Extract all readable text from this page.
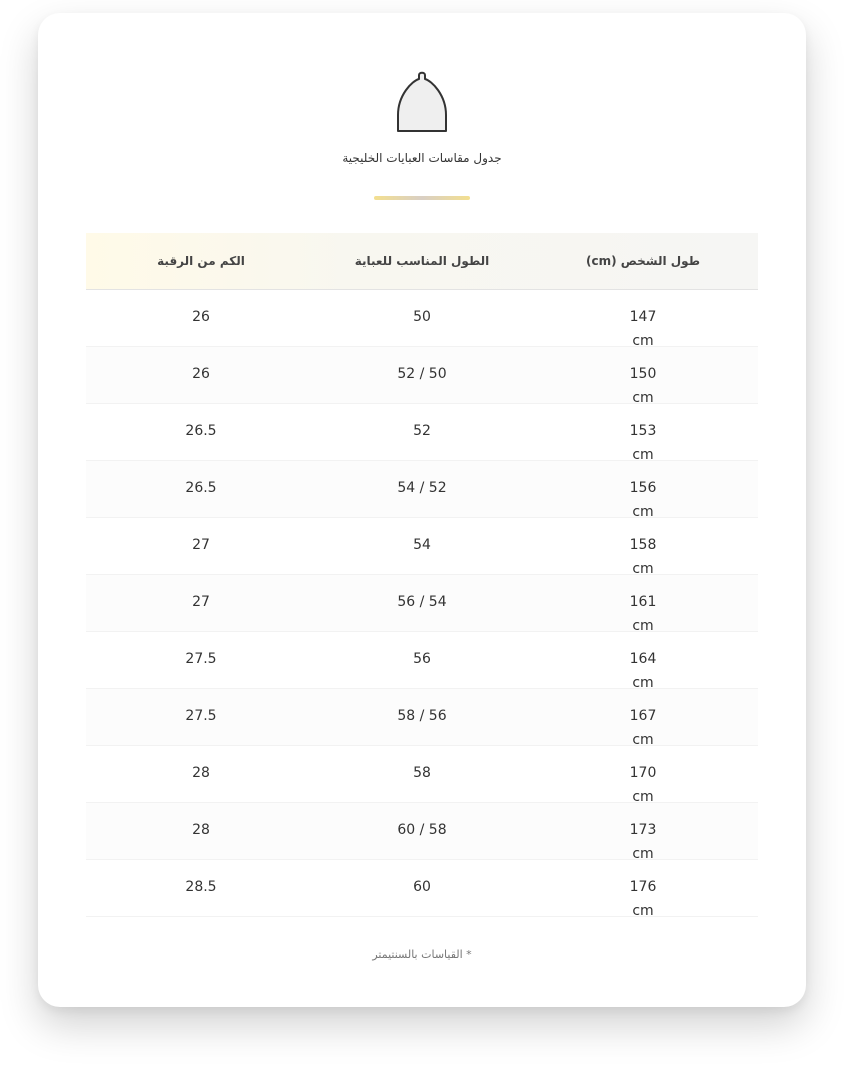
جدول مقاسات العبايات الخليجية
طول الشخص (cm)
الطول المناسب للعباية
الكم من الرقبة
147
cm
50
26
150
cm
52 / 50
26
153
cm
52
26.5
156
cm
54 / 52
26.5
158
cm
54
27
161
cm
56 / 54
27
164
cm
56
27.5
167
cm
58 / 56
27.5
170
cm
58
28
173
cm
60 / 58
28
176
cm
60
28.5
* القياسات بالسنتيمتر
